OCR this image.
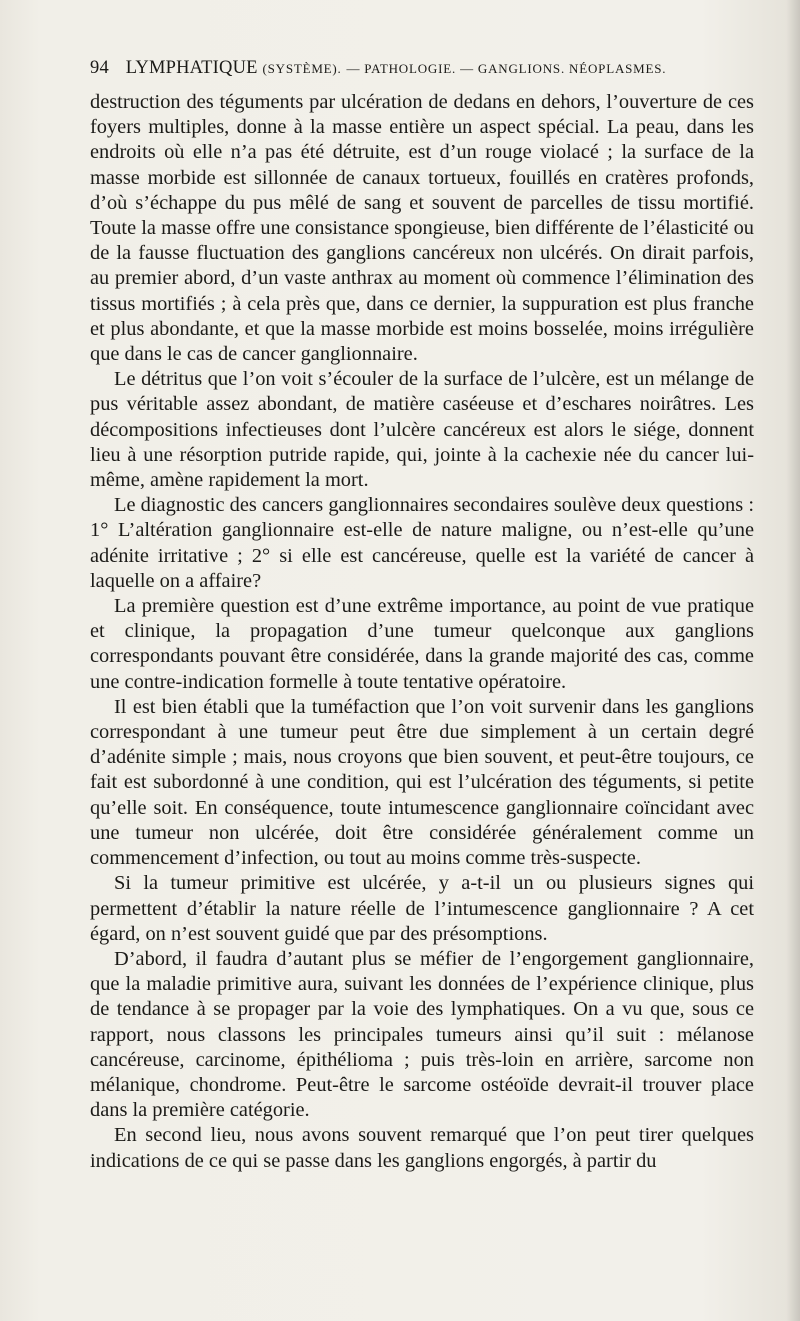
94 LYMPHATIQUE (SYSTÈME). — PATHOLOGIE. — GANGLIONS. NÉOPLASMES.

destruction des téguments par ulcération de dedans en dehors, l’ouverture de ces foyers multiples, donne à la masse entière un aspect spécial. La peau, dans les endroits où elle n’a pas été détruite, est d’un rouge violacé ; la surface de la masse morbide est sillonnée de canaux tortueux, fouillés en cratères profonds, d’où s’échappe du pus mêlé de sang et souvent de parcelles de tissu mortifié. Toute la masse offre une consistance spongieuse, bien différente de l’élasticité ou de la fausse fluctuation des ganglions cancéreux non ulcérés. On dirait parfois, au premier abord, d’un vaste anthrax au moment où commence l’élimination des tissus mortifiés ; à cela près que, dans ce dernier, la suppuration est plus franche et plus abondante, et que la masse morbide est moins bosselée, moins irrégulière que dans le cas de cancer ganglionnaire.

Le détritus que l’on voit s’écouler de la surface de l’ulcère, est un mélange de pus véritable assez abondant, de matière caséeuse et d’eschares noirâtres. Les décompositions infectieuses dont l’ulcère cancéreux est alors le siége, donnent lieu à une résorption putride rapide, qui, jointe à la cachexie née du cancer lui-même, amène rapidement la mort.

Le diagnostic des cancers ganglionnaires secondaires soulève deux questions : 1° L’altération ganglionnaire est-elle de nature maligne, ou n’est-elle qu’une adénite irritative ; 2° si elle est cancéreuse, quelle est la variété de cancer à laquelle on a affaire?

La première question est d’une extrême importance, au point de vue pratique et clinique, la propagation d’une tumeur quelconque aux ganglions correspondants pouvant être considérée, dans la grande majorité des cas, comme une contre-indication formelle à toute tentative opératoire.

Il est bien établi que la tuméfaction que l’on voit survenir dans les ganglions correspondant à une tumeur peut être due simplement à un certain degré d’adénite simple ; mais, nous croyons que bien souvent, et peut-être toujours, ce fait est subordonné à une condition, qui est l’ulcération des téguments, si petite qu’elle soit. En conséquence, toute intumescence ganglionnaire coïncidant avec une tumeur non ulcérée, doit être considérée généralement comme un commencement d’infection, ou tout au moins comme très-suspecte.

Si la tumeur primitive est ulcérée, y a-t-il un ou plusieurs signes qui permettent d’établir la nature réelle de l’intumescence ganglionnaire ? A cet égard, on n’est souvent guidé que par des présomptions.

D’abord, il faudra d’autant plus se méfier de l’engorgement ganglionnaire, que la maladie primitive aura, suivant les données de l’expérience clinique, plus de tendance à se propager par la voie des lymphatiques. On a vu que, sous ce rapport, nous classons les principales tumeurs ainsi qu’il suit : mélanose cancéreuse, carcinome, épithélioma ; puis très-loin en arrière, sarcome non mélanique, chondrome. Peut-être le sarcome ostéoïde devrait-il trouver place dans la première catégorie.

En second lieu, nous avons souvent remarqué que l’on peut tirer quelques indications de ce qui se passe dans les ganglions engorgés, à partir du
